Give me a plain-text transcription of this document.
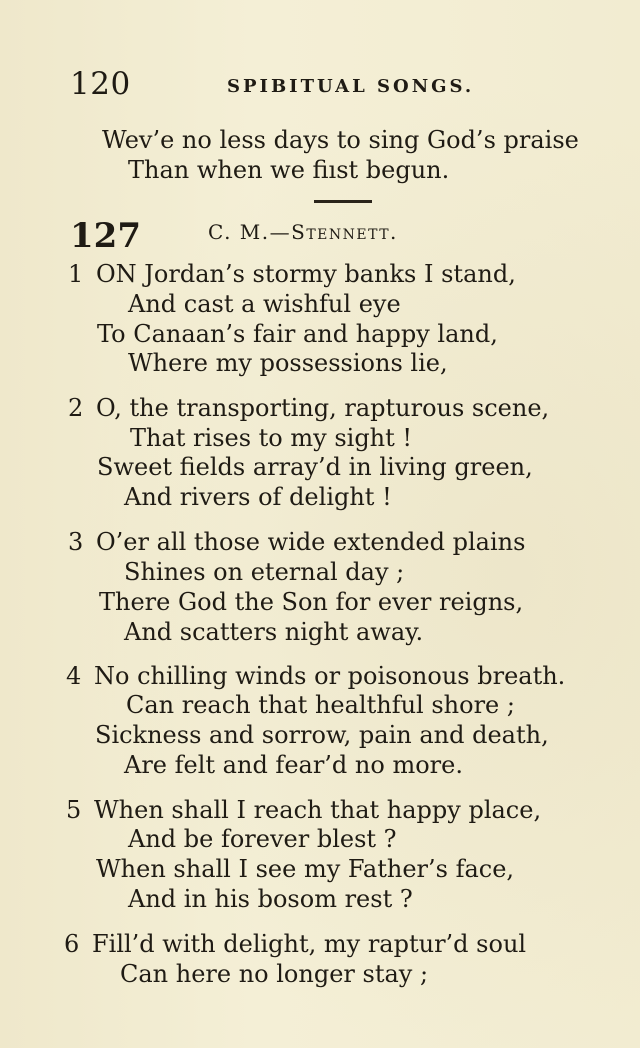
120	SPIBITUAL SONGS.
Wev’e no less days to sing God’s praise
Than when we fiıst begun.
127	C. M.—Stennett.
1 ON Jordan’s stormy banks I stand,
And cast a wishful eye
To Canaan’s fair and happy land,
Where my possessions lie,
2 O, the transporting, rapturous scene,
That rises to my sight !
Sweet fields array’d in living green,
And rivers of delight !
3 O’er all those wide extended plains
Shines on eternal day ;
There God the Son for ever reigns,
And scatters night away.
4 No chilling winds or poisonous breath.
Can reach that healthful shore ;
Sickness and sorrow, pain and death,
Are felt and fear’d no more.
5 When shall I reach that happy place,
And be forever blest ?
When shall I see my Father’s face,
And in his bosom rest ?
6 Fill’d with delight, my raptur’d soul
Can here no longer stay ;
